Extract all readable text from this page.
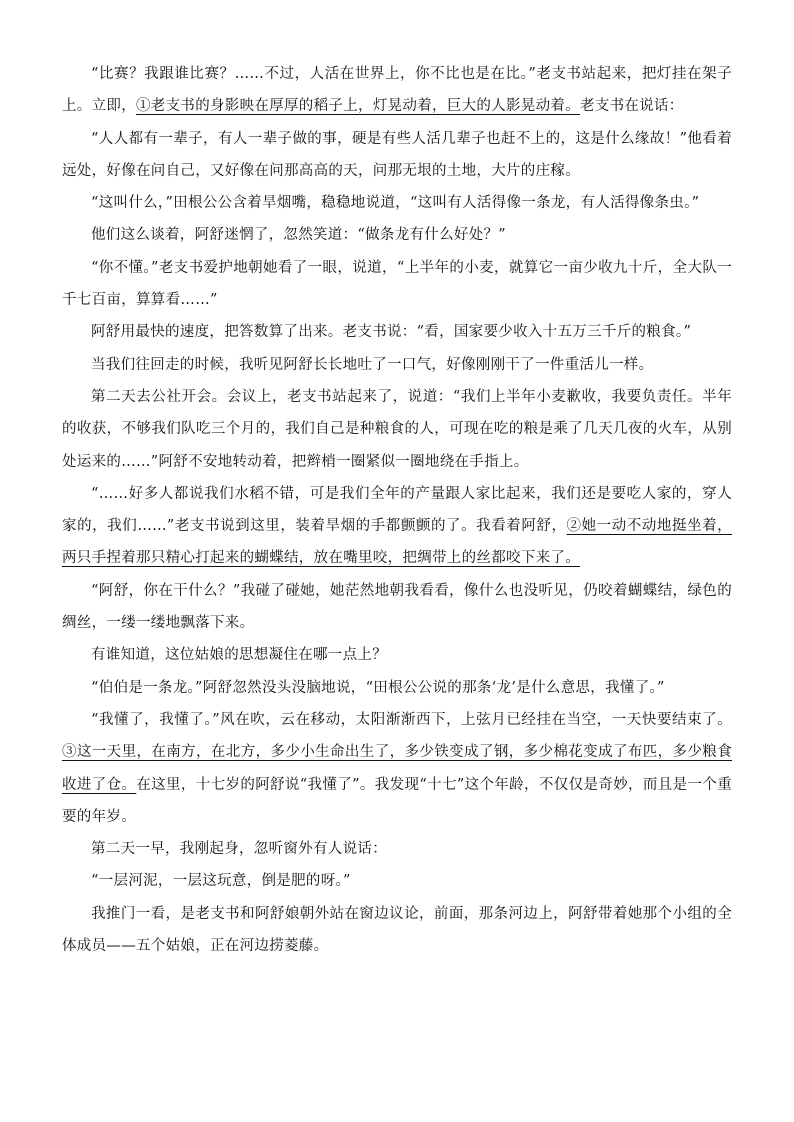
“比赛？我跟谁比赛？……不过，人活在世界上，你不比也是在比。”老支书站起来，把灯挂在架子上。立即，①老支书的身影映在厚厚的稻子上，灯晃动着，巨大的人影晃动着。老支书在说话：

“人人都有一辈子，有人一辈子做的事，硬是有些人活几辈子也赶不上的，这是什么缘故！”他看着远处，好像在问自己，又好像在问那高高的天，问那无垠的土地，大片的庄稼。

“这叫什么，”田根公公含着旱烟嘴，稳稳地说道，“这叫有人活得像一条龙，有人活得像条虫。”

他们这么谈着，阿舒迷惘了，忽然笑道：“做条龙有什么好处？”

“你不懂。”老支书爱护地朝她看了一眼，说道，“上半年的小麦，就算它一亩少收九十斤，全大队一千七百亩，算算看……”

阿舒用最快的速度，把答数算了出来。老支书说：“看，国家要少收入十五万三千斤的粮食。”

当我们往回走的时候，我听见阿舒长长地吐了一口气，好像刚刚干了一件重活儿一样。

第二天去公社开会。会议上，老支书站起来了，说道：“我们上半年小麦歉收，我要负责任。半年的收获，不够我们队吃三个月的，我们自己是种粮食的人，可现在吃的粮是乘了几天几夜的火车，从别处运来的……”阿舒不安地转动着，把辫梢一圈紧似一圈地绕在手指上。

“……好多人都说我们水稻不错，可是我们全年的产量跟人家比起来，我们还是要吃人家的，穿人家的，我们……”老支书说到这里，装着旱烟的手都颤颤的了。我看着阿舒，②她一动不动地挺坐着，两只手捏着那只精心打起来的蝴蝶结，放在嘴里咬，把绸带上的丝都咬下来了。

“阿舒，你在干什么？”我碰了碰她，她茫然地朝我看看，像什么也没听见，仍咬着蝴蝶结，绿色的绸丝，一缕一缕地飘落下来。

有谁知道，这位姑娘的思想凝住在哪一点上？

“伯伯是一条龙。”阿舒忽然没头没脑地说，“田根公公说的那条‘龙’是什么意思，我懂了。”

“我懂了，我懂了。”风在吹，云在移动，太阳渐渐西下，上弦月已经挂在当空，一天快要结束了。③这一天里，在南方，在北方，多少小生命出生了，多少铁变成了钢，多少棉花变成了布匹，多少粮食收进了仓。在这里，十七岁的阿舒说“我懂了”。我发现“十七”这个年龄，不仅仅是奇妙，而且是一个重要的年岁。

第二天一早，我刚起身，忽听窗外有人说话：

“一层河泥，一层这玩意，倒是肥的呀。”

我推门一看，是老支书和阿舒娘朝外站在窗边议论，前面，那条河边上，阿舒带着她那个小组的全体成员——五个姑娘，正在河边捞菱藤。
